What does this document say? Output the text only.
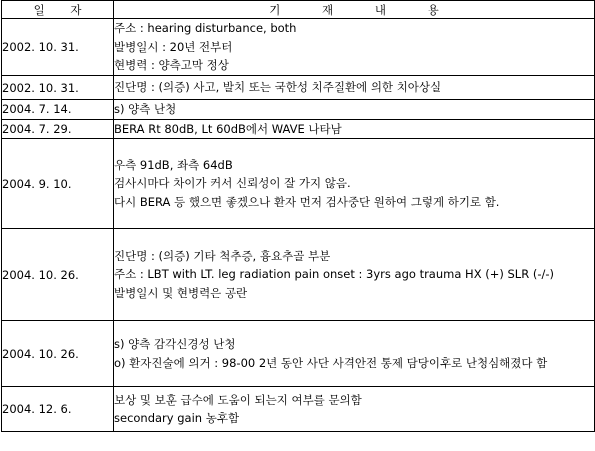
일 자	기 재 내 용
2002. 10. 31.	주소 : hearing disturbance, both
발병일시 : 20년 전부터
현병력 : 양측고막 정상

2002. 10. 31.	진단명 : (의증) 사고, 발치 또는 국한성 치주질환에 의한 치아상실

2004. 7. 14.	s) 양측 난청

2004. 7. 29.	BERA Rt 80dB, Lt 60dB에서 WAVE 나타남

2004. 9. 10.	우측 91dB, 좌측 64dB
검사시마다 차이가 커서 신뢰성이 잘 가지 않음.
다시 BERA 등 했으면 좋겠으나 환자 먼저 검사중단 원하여 그렇게 하기로 함.

2004. 10. 26.	진단명 : (의증) 기타 척추증, 흉요추골 부분
주소 : LBT with LT. leg radiation pain onset : 3yrs ago trauma HX (+) SLR (-/-)
발병일시 및 현병력은 공란

2004. 10. 26.	s) 양측 감각신경성 난청
o) 환자진술에 의거 : 98-00 2년 동안 사단 사격안전 통제 담당이후로 난청심해졌다 함

2004. 12. 6.	보상 및 보훈 급수에 도움이 되는지 여부를 문의함
secondary gain 농후함
